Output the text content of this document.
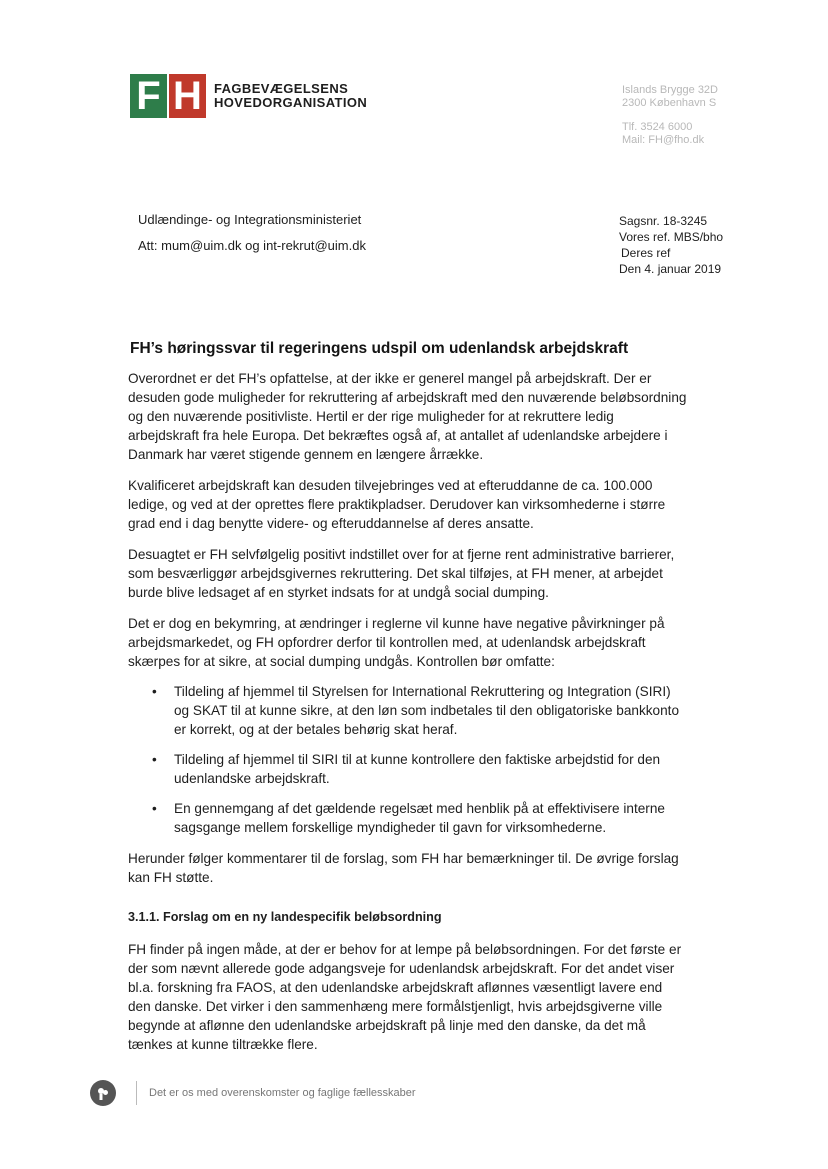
F H FAGBEVÆGELSENS
HOVEDORGANISATION
Islands Brygge 32D
2300 København S
Tlf. 3524 6000
Mail: FH@fho.dk
Udlændinge- og Integrationsministeriet
Att: mum@uim.dk og int-rekrut@uim.dk
Sagsnr. 18-3245
Vores ref. MBS/bho
Deres ref
Den 4. januar 2019
FH’s høringssvar til regeringens udspil om udenlandsk arbejdskraft

Overordnet er det FH’s opfattelse, at der ikke er generel mangel på arbejdskraft. Der er desuden gode muligheder for rekruttering af arbejdskraft med den nuværende beløbsordning og den nuværende positivliste. Hertil er der rige muligheder for at rekruttere ledig arbejdskraft fra hele Europa. Det bekræftes også af, at antallet af udenlandske arbejdere i Danmark har været stigende gennem en længere årrække.

Kvalificeret arbejdskraft kan desuden tilvejebringes ved at efteruddanne de ca. 100.000 ledige, og ved at der oprettes flere praktikpladser. Derudover kan virksomhederne i større grad end i dag benytte videre- og efteruddannelse af deres ansatte.

Desuagtet er FH selvfølgelig positivt indstillet over for at fjerne rent administrative barrierer, som besværliggør arbejdsgivernes rekruttering. Det skal tilføjes, at FH mener, at arbejdet burde blive ledsaget af en styrket indsats for at undgå social dumping.

Det er dog en bekymring, at ændringer i reglerne vil kunne have negative påvirkninger på arbejdsmarkedet, og FH opfordrer derfor til kontrollen med, at udenlandsk arbejdskraft skærpes for at sikre, at social dumping undgås. Kontrollen bør omfatte:

• Tildeling af hjemmel til Styrelsen for International Rekruttering og Integration (SIRI) og SKAT til at kunne sikre, at den løn som indbetales til den obligatoriske bankkonto er korrekt, og at der betales behørig skat heraf.
• Tildeling af hjemmel til SIRI til at kunne kontrollere den faktiske arbejdstid for den udenlandske arbejdskraft.
• En gennemgang af det gældende regelsæt med henblik på at effektivisere interne sagsgange mellem forskellige myndigheder til gavn for virksomhederne.

Herunder følger kommentarer til de forslag, som FH har bemærkninger til. De øvrige forslag kan FH støtte.

3.1.1. Forslag om en ny landespecifik beløbsordning

FH finder på ingen måde, at der er behov for at lempe på beløbsordningen. For det første er der som nævnt allerede gode adgangsveje for udenlandsk arbejdskraft. For det andet viser bl.a. forskning fra FAOS, at den udenlandske arbejdskraft aflønnes væsentligt lavere end den danske. Det virker i den sammenhæng mere formålstjenligt, hvis arbejdsgiverne ville begynde at aflønne den udenlandske arbejdskraft på linje med den danske, da det må tænkes at kunne tiltrække flere.

Det er os med overenskomster og faglige fællesskaber
